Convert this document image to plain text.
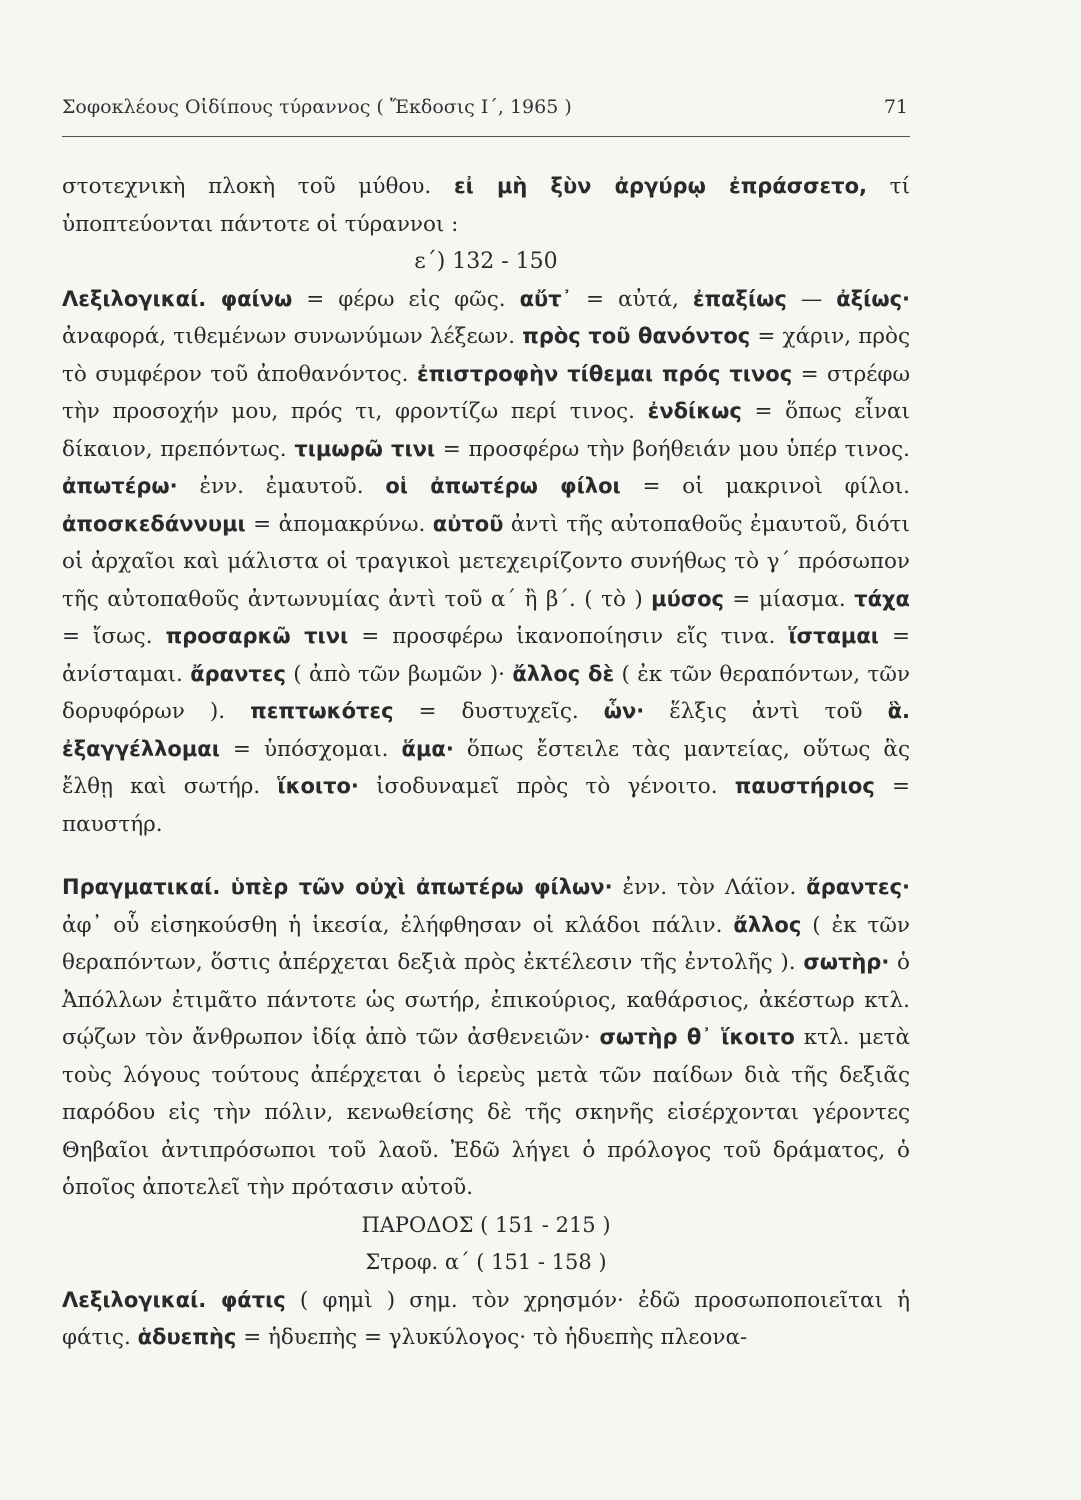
Σοφοκλέους Οἰδίπους τύραννος ( Ἔκδοσις Ι΄, 1965 )	71

στοτεχνικὴ πλοκὴ τοῦ μύθου. εἰ μὴ ξὺν ἀργύρῳ ἐπράσσετο, τί ὑποπτεύονται πάντοτε οἱ τύραννοι :

ε΄) 132 - 150

Λεξιλογικαί. φαίνω = φέρω εἰς φῶς. αὔτ᾽ = αὐτά, ἐπαξίως — ἀξίως· ἀναφορά, τιθεμένων συνωνύμων λέξεων. πρὸς τοῦ θανόντος = χάριν, πρὸς τὸ συμφέρον τοῦ ἀποθανόντος. ἐπιστροφὴν τίθεμαι πρός τινος = στρέφω τὴν προσοχήν μου, πρός τι, φροντίζω περί τινος. ἐνδίκως = ὅπως εἶναι δίκαιον, πρεπόντως. τιμωρῶ τινι = προσφέρω τὴν βοήθειάν μου ὑπέρ τινος. ἀπωτέρω· ἐνν. ἐμαυτοῦ. οἱ ἀπωτέρω φίλοι = οἱ μακρινοὶ φίλοι. ἀποσκεδάννυμι = ἀπομακρύνω. αὐτοῦ ἀντὶ τῆς αὐτοπαθοῦς ἐμαυτοῦ, διότι οἱ ἀρχαῖοι καὶ μάλιστα οἱ τραγικοὶ μετεχειρίζοντο συνήθως τὸ γ΄ πρόσωπον τῆς αὐτοπαθοῦς ἀντωνυμίας ἀντὶ τοῦ α΄ ἢ β΄. ( τὸ ) μύσος = μίασμα. τάχα = ἴσως. προσαρκῶ τινι = προσφέρω ἱκανοποίησιν εἴς τινα. ἵσταμαι = ἀνίσταμαι. ἄραντες ( ἀπὸ τῶν βωμῶν )· ἄλλος δὲ ( ἐκ τῶν θεραπόντων, τῶν δορυφόρων ). πεπτωκότες = δυστυχεῖς. ὧν· ἕλξις ἀντὶ τοῦ ἃ. ἐξαγγέλλομαι = ὑπόσχομαι. ἅμα· ὅπως ἔστειλε τὰς μαντείας, οὕτως ἃς ἔλθῃ καὶ σωτήρ. ἵκοιτο· ἰσοδυναμεῖ πρὸς τὸ γένοιτο. παυστήριος = παυστήρ.

Πραγματικαί. ὑπὲρ τῶν οὐχὶ ἀπωτέρω φίλων· ἐνν. τὸν Λάϊον. ἄραντες· ἀφ᾽ οὗ εἰσηκούσθη ἡ ἱκεσία, ἐλήφθησαν οἱ κλάδοι πάλιν. ἄλλος ( ἐκ τῶν θεραπόντων, ὅστις ἀπέρχεται δεξιὰ πρὸς ἐκτέλεσιν τῆς ἐντολῆς ). σωτὴρ· ὁ Ἀπόλλων ἐτιμᾶτο πάντοτε ὡς σωτήρ, ἐπικούριος, καθάρσιος, ἀκέστωρ κτλ. σῴζων τὸν ἄνθρωπον ἰδίᾳ ἀπὸ τῶν ἀσθενειῶν· σωτὴρ θ᾽ ἵκοιτο κτλ. μετὰ τοὺς λόγους τούτους ἀπέρχεται ὁ ἱερεὺς μετὰ τῶν παίδων διὰ τῆς δεξιᾶς παρόδου εἰς τὴν πόλιν, κενωθείσης δὲ τῆς σκηνῆς εἰσέρχονται γέροντες Θηβαῖοι ἀντιπρόσωποι τοῦ λαοῦ. Ἐδῶ λήγει ὁ πρόλογος τοῦ δράματος, ὁ ὁποῖος ἀποτελεῖ τὴν πρότασιν αὐτοῦ.

ΠΑΡΟΔΟΣ ( 151 - 215 )

Στροφ. α΄ ( 151 - 158 )

Λεξιλογικαί. φάτις ( φημὶ ) σημ. τὸν χρησμόν· ἐδῶ προσωποποιεῖται ἡ φάτις. ἁδυεπὴς = ἡδυεπὴς = γλυκύλογος· τὸ ἡδυεπὴς πλεονα-
